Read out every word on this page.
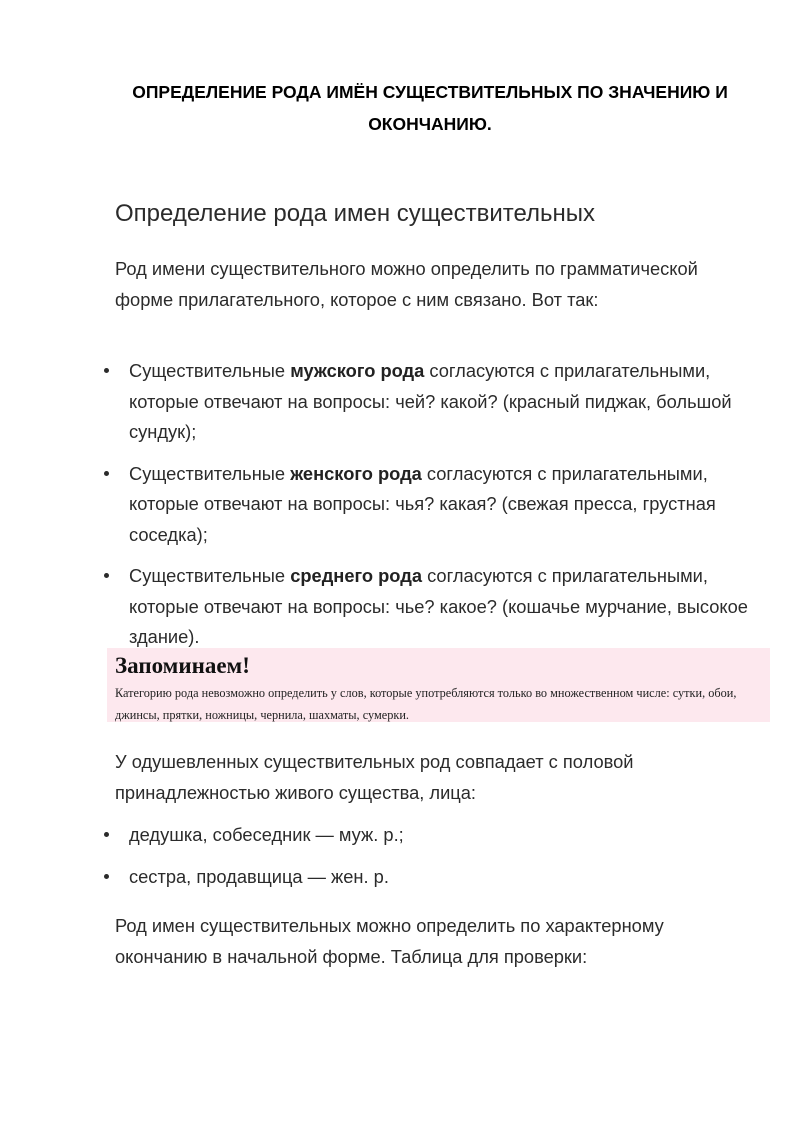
ОПРЕДЕЛЕНИЕ РОДА ИМЁН СУЩЕСТВИТЕЛЬНЫХ ПО ЗНАЧЕНИЮ И ОКОНЧАНИЮ.
Определение рода имен существительных

Род имени существительного можно определить по грамматической форме прилагательного, которое с ним связано. Вот так:

Существительные мужского рода согласуются с прилагательными, которые отвечают на вопросы: чей? какой? (красный пиджак, большой сундук);
Существительные женского рода согласуются с прилагательными, которые отвечают на вопросы: чья? какая? (свежая пресса, грустная соседка);
Существительные среднего рода согласуются с прилагательными, которые отвечают на вопросы: чье? какое? (кошачье мурчание, высокое здание).

Запоминаем!

Категорию рода невозможно определить у слов, которые употребляются только во множественном числе: сутки, обои, джинсы, прятки, ножницы, чернила, шахматы, сумерки.

У одушевленных существительных род совпадает с половой принадлежностью живого существа, лица:

дедушка, собеседник — муж. р.;
сестра, продавщица — жен. р.

Род имен существительных можно определить по характерному окончанию в начальной форме. Таблица для проверки:
